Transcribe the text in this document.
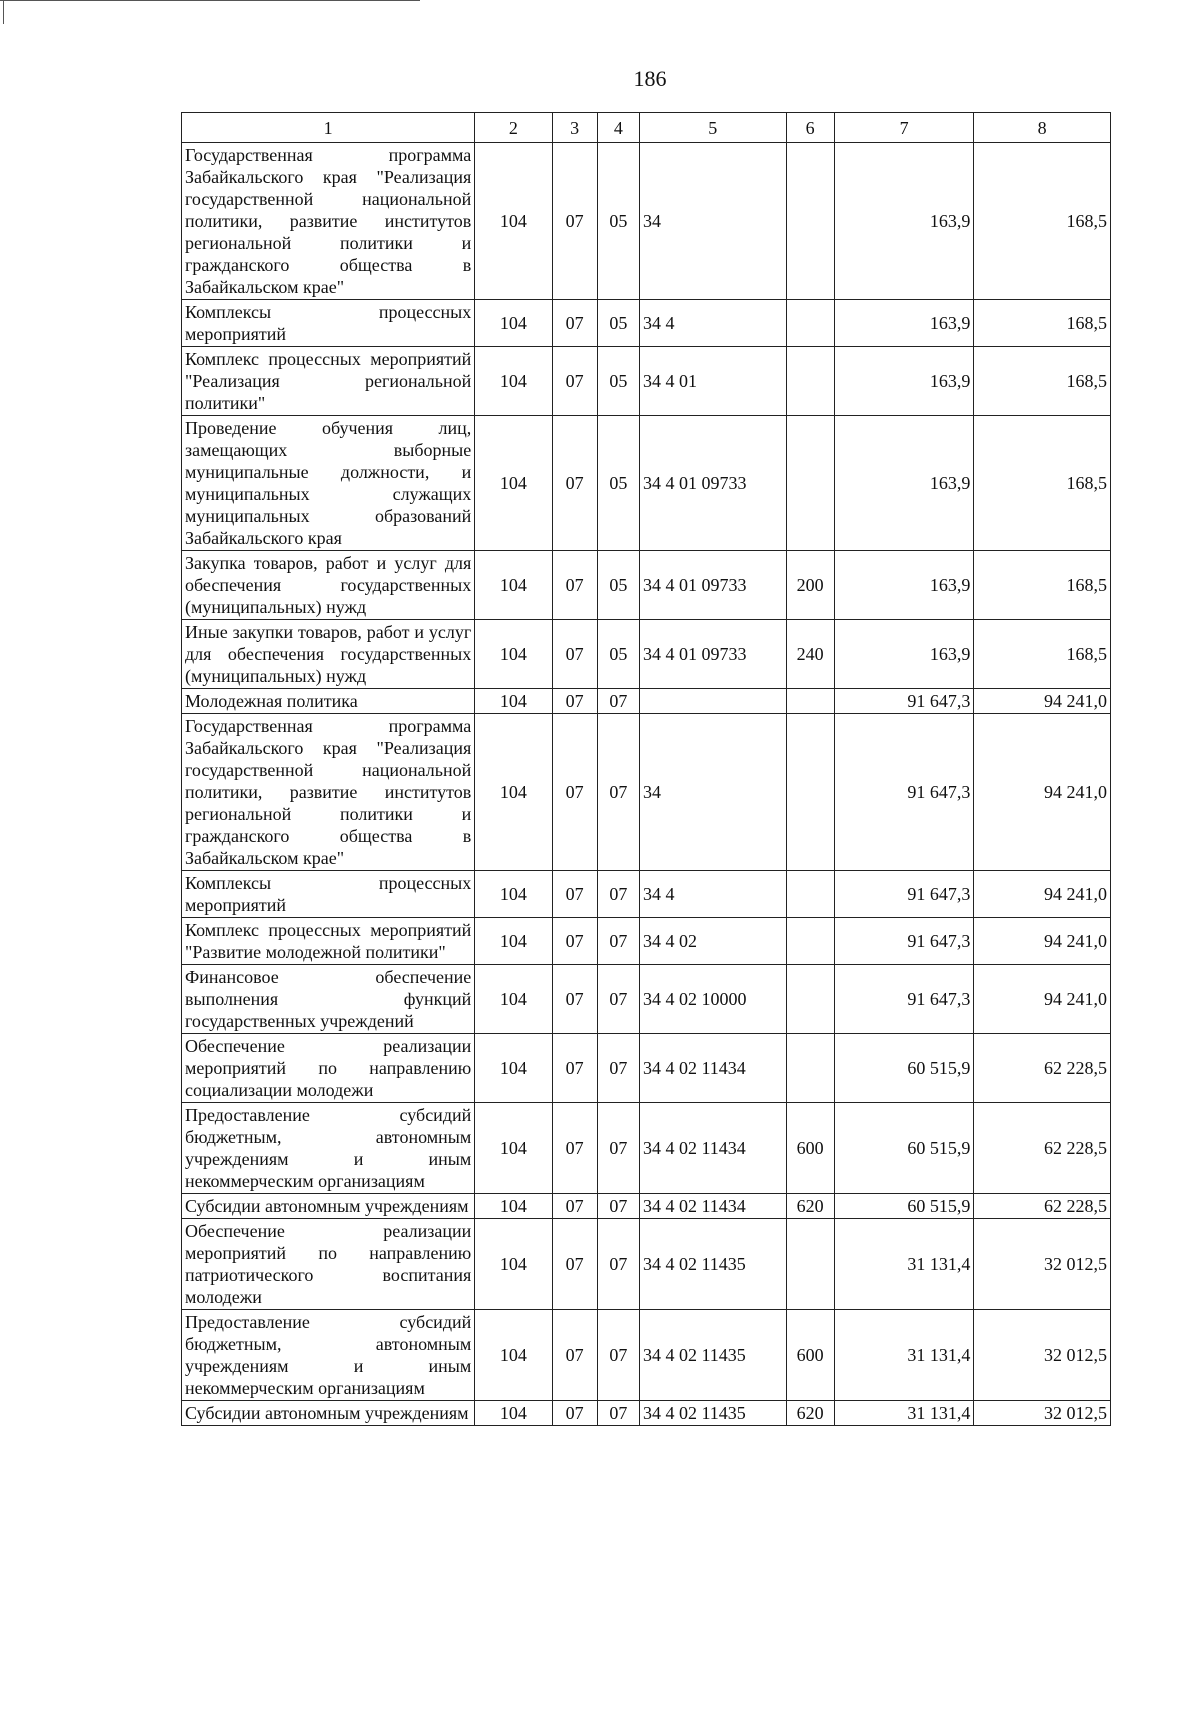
186
1	2	3	4	5	6	7	8
Государственная программа Забайкальского края "Реализация государственной национальной политики, развитие институтов региональной политики и гражданского общества в Забайкальском крае"	104	07	05	34		163,9	168,5
Комплексы процессных мероприятий	104	07	05	34 4		163,9	168,5
Комплекс процессных мероприятий "Реализация региональной политики"	104	07	05	34 4 01		163,9	168,5
Проведение обучения лиц, замещающих выборные муниципальные должности, и муниципальных служащих муниципальных образований Забайкальского края	104	07	05	34 4 01 09733		163,9	168,5
Закупка товаров, работ и услуг для обеспечения государственных (муниципальных) нужд	104	07	05	34 4 01 09733	200	163,9	168,5
Иные закупки товаров, работ и услуг для обеспечения государственных (муниципальных) нужд	104	07	05	34 4 01 09733	240	163,9	168,5
Молодежная политика	104	07	07			91 647,3	94 241,0
Государственная программа Забайкальского края "Реализация государственной национальной политики, развитие институтов региональной политики и гражданского общества в Забайкальском крае"	104	07	07	34		91 647,3	94 241,0
Комплексы процессных мероприятий	104	07	07	34 4		91 647,3	94 241,0
Комплекс процессных мероприятий "Развитие молодежной политики"	104	07	07	34 4 02		91 647,3	94 241,0
Финансовое обеспечение выполнения функций государственных учреждений	104	07	07	34 4 02 10000		91 647,3	94 241,0
Обеспечение реализации мероприятий по направлению социализации молодежи	104	07	07	34 4 02 11434		60 515,9	62 228,5
Предоставление субсидий бюджетным, автономным учреждениям и иным некоммерческим организациям	104	07	07	34 4 02 11434	600	60 515,9	62 228,5
Субсидии автономным учреждениям	104	07	07	34 4 02 11434	620	60 515,9	62 228,5
Обеспечение реализации мероприятий по направлению патриотического воспитания молодежи	104	07	07	34 4 02 11435		31 131,4	32 012,5
Предоставление субсидий бюджетным, автономным учреждениям и иным некоммерческим организациям	104	07	07	34 4 02 11435	600	31 131,4	32 012,5
Субсидии автономным учреждениям	104	07	07	34 4 02 11435	620	31 131,4	32 012,5
